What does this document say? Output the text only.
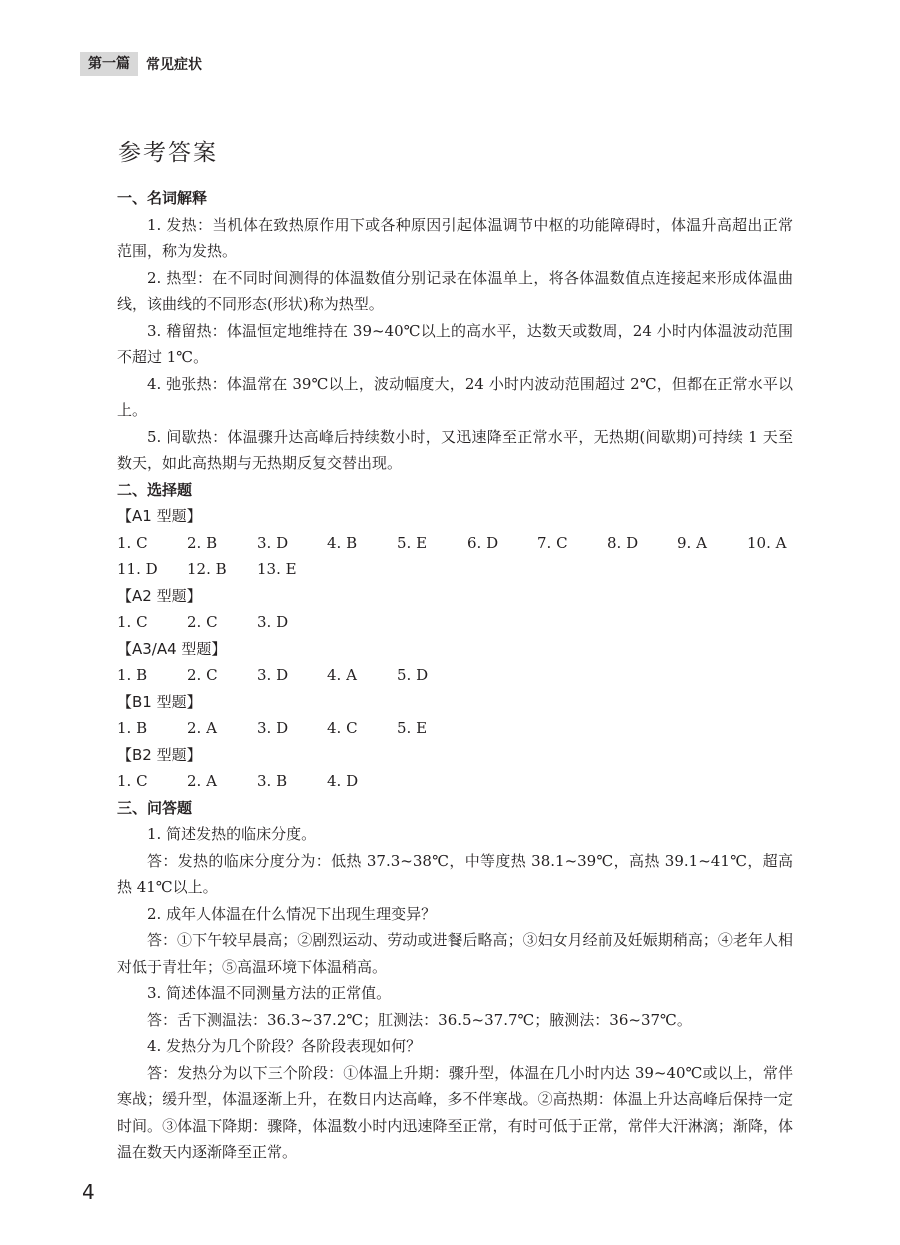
第一篇	常见症状
参考答案
一、名词解释

1. 发热：当机体在致热原作用下或各种原因引起体温调节中枢的功能障碍时，体温升高超出正常范围，称为发热。

2. 热型：在不同时间测得的体温数值分别记录在体温单上，将各体温数值点连接起来形成体温曲线，该曲线的不同形态(形状)称为热型。

3. 稽留热：体温恒定地维持在 39~40℃以上的高水平，达数天或数周，24 小时内体温波动范围不超过 1℃。

4. 弛张热：体温常在 39℃以上，波动幅度大，24 小时内波动范围超过 2℃，但都在正常水平以上。

5. 间歇热：体温骤升达高峰后持续数小时，又迅速降至正常水平，无热期(间歇期)可持续 1 天至数天，如此高热期与无热期反复交替出现。

二、选择题
【A1 型题】
1. C	2. B	3. D	4. B	5. E	6. D	7. C	8. D	9. A	10. A
11. D	12. B	13. E
【A2 型题】
1. C	2. C	3. D
【A3/A4 型题】
1. B	2. C	3. D	4. A	5. D
【B1 型题】
1. B	2. A	3. D	4. C	5. E
【B2 型题】
1. C	2. A	3. B	4. D
三、问答题

1. 简述发热的临床分度。

答：发热的临床分度分为：低热 37.3~38℃，中等度热 38.1~39℃，高热 39.1~41℃，超高热 41℃以上。

2. 成年人体温在什么情况下出现生理变异？

答：①下午较早晨高；②剧烈运动、劳动或进餐后略高；③妇女月经前及妊娠期稍高；④老年人相对低于青壮年；⑤高温环境下体温稍高。

3. 简述体温不同测量方法的正常值。

答：舌下测温法：36.3~37.2℃；肛测法：36.5~37.7℃；腋测法：36~37℃。

4. 发热分为几个阶段？各阶段表现如何？

答：发热分为以下三个阶段：①体温上升期：骤升型，体温在几小时内达 39~40℃或以上，常伴寒战；缓升型，体温逐渐上升，在数日内达高峰，多不伴寒战。②高热期：体温上升达高峰后保持一定时间。③体温下降期：骤降，体温数小时内迅速降至正常，有时可低于正常，常伴大汗淋漓；渐降，体温在数天内逐渐降至正常。

4
